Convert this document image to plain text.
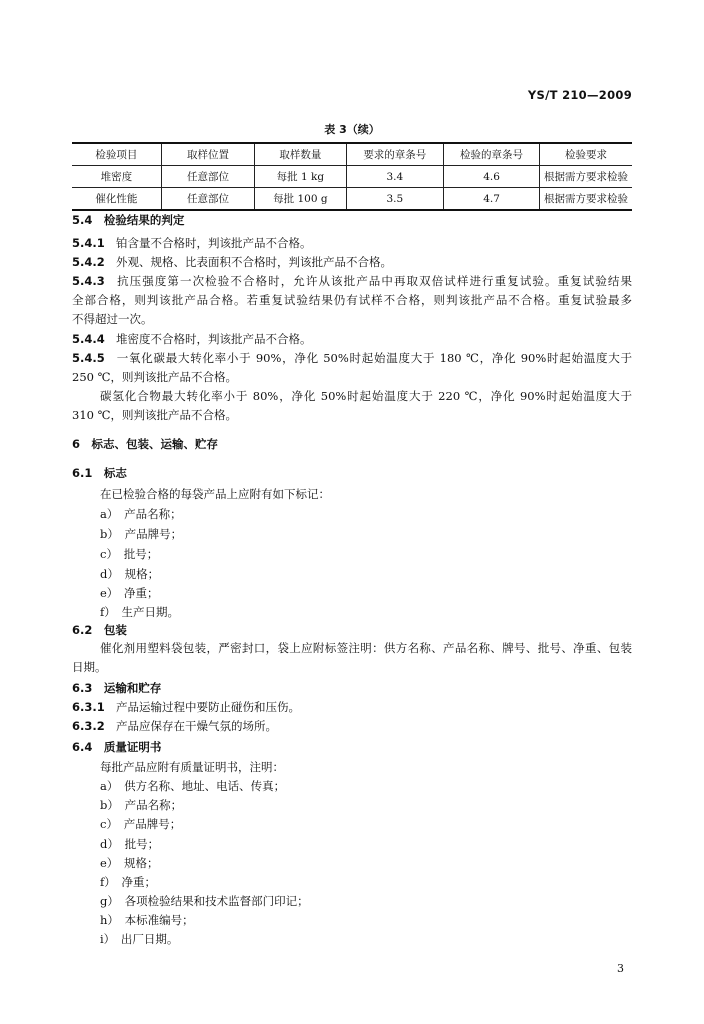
YS/T 210—2009
表 3（续）
检验项目	取样位置	取样数量	要求的章条号	检验的章条号	检验要求
堆密度	任意部位	每批 1 kg	3.4	4.6	根据需方要求检验
催化性能	任意部位	每批 100 g	3.5	4.7	根据需方要求检验
5.4　检验结果的判定
5.4.1 铂含量不合格时，判该批产品不合格。
5.4.2 外观、规格、比表面积不合格时，判该批产品不合格。
5.4.3 抗压强度第一次检验不合格时，允许从该批产品中再取双倍试样进行重复试验。重复试验结果
全部合格，则判该批产品合格。若重复试验结果仍有试样不合格，则判该批产品不合格。重复试验最多
不得超过一次。
5.4.4 堆密度不合格时，判该批产品不合格。
5.4.5 一氧化碳最大转化率小于 90%，净化 50%时起始温度大于 180 ℃，净化 90%时起始温度大于
250 ℃，则判该批产品不合格。
碳氢化合物最大转化率小于 80%，净化 50%时起始温度大于 220 ℃，净化 90%时起始温度大于
310 ℃，则判该批产品不合格。
6　标志、包装、运输、贮存
6.1　标志
在已检验合格的每袋产品上应附有如下标记：
a）　产品名称；
b）　产品牌号；
c）　批号；
d）　规格；
e）　净重；
f）　生产日期。
6.2　包装
催化剂用塑料袋包装，严密封口，袋上应附标签注明：供方名称、产品名称、牌号、批号、净重、包装
日期。
6.3　运输和贮存
6.3.1 产品运输过程中要防止碰伤和压伤。
6.3.2 产品应保存在干燥气氛的场所。
6.4　质量证明书
每批产品应附有质量证明书，注明：
a）　供方名称、地址、电话、传真；
b）　产品名称；
c）　产品牌号；
d）　批号；
e）　规格；
f）　净重；
g）　各项检验结果和技术监督部门印记；
h）　本标准编号；
i）　出厂日期。
3
